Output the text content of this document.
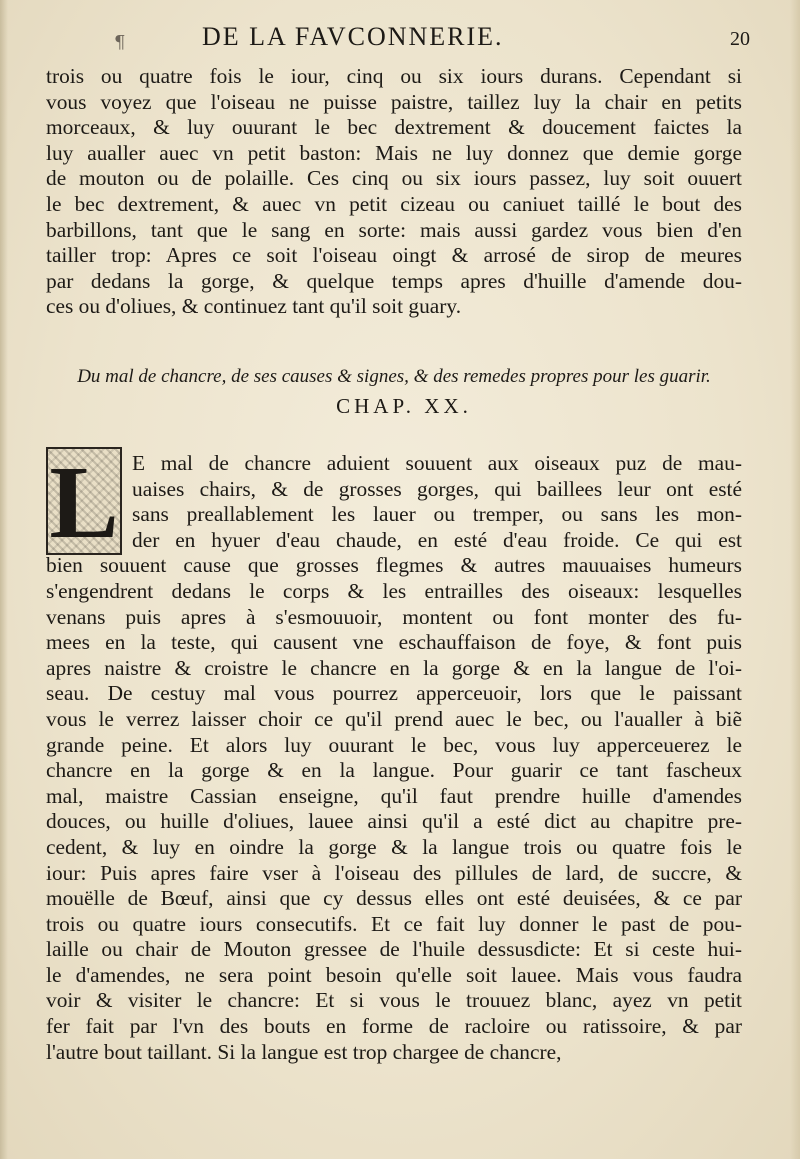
¶	DE LA FAVCONNERIE.	20
trois ou quatre fois le iour, cinq ou six iours durans. Cependant si
vous voyez que l'oiseau ne puisse paistre, taillez luy la chair en petits
morceaux, & luy ouurant le bec dextrement & doucement faictes la
luy aualler auec vn petit baston: Mais ne luy donnez que demie gorge
de mouton ou de polaille. Ces cinq ou six iours passez, luy soit ouuert
le bec dextrement, & auec vn petit cizeau ou caniuet taillé le bout des
barbillons, tant que le sang en sorte: mais aussi gardez vous bien d'en
tailler trop: Apres ce soit l'oiseau oingt & arrosé de sirop de meures
par dedans la gorge, & quelque temps apres d'huille d'amende dou-
ces ou d'oliues, & continuez tant qu'il soit guary.
Du mal de chancre, de ses causes & signes, & des remedes propres pour les guarir.
CHAP. XX.
L E mal de chancre aduient souuent aux oiseaux puz de mau-
uaises chairs, & de grosses gorges, qui baillees leur ont esté
sans preallablement les lauer ou tremper, ou sans les mon-
der en hyuer d'eau chaude, en esté d'eau froide. Ce qui est
bien souuent cause que grosses flegmes & autres mauuaises humeurs
s'engendrent dedans le corps & les entrailles des oiseaux: lesquelles
venans puis apres à s'esmouuoir, montent ou font monter des fu-
mees en la teste, qui causent vne eschauffaison de foye, & font puis
apres naistre & croistre le chancre en la gorge & en la langue de l'oi-
seau. De cestuy mal vous pourrez apperceuoir, lors que le paissant
vous le verrez laisser choir ce qu'il prend auec le bec, ou l'aualler à biẽ
grande peine. Et alors luy ouurant le bec, vous luy apperceuerez le
chancre en la gorge & en la langue. Pour guarir ce tant fascheux
mal, maistre Cassian enseigne, qu'il faut prendre huille d'amendes
douces, ou huille d'oliues, lauee ainsi qu'il a esté dict au chapitre pre-
cedent, & luy en oindre la gorge & la langue trois ou quatre fois le
iour: Puis apres faire vser à l'oiseau des pillules de lard, de succre, &
mouëlle de Bœuf, ainsi que cy dessus elles ont esté deuisées, & ce par
trois ou quatre iours consecutifs. Et ce fait luy donner le past de pou-
laille ou chair de Mouton gressee de l'huile dessusdicte: Et si ceste hui-
le d'amendes, ne sera point besoin qu'elle soit lauee. Mais vous faudra
voir & visiter le chancre: Et si vous le trouuez blanc, ayez vn petit
fer fait par l'vn des bouts en forme de racloire ou ratissoire, & par
l'autre bout taillant. Si la langue est trop chargee de chancre,
